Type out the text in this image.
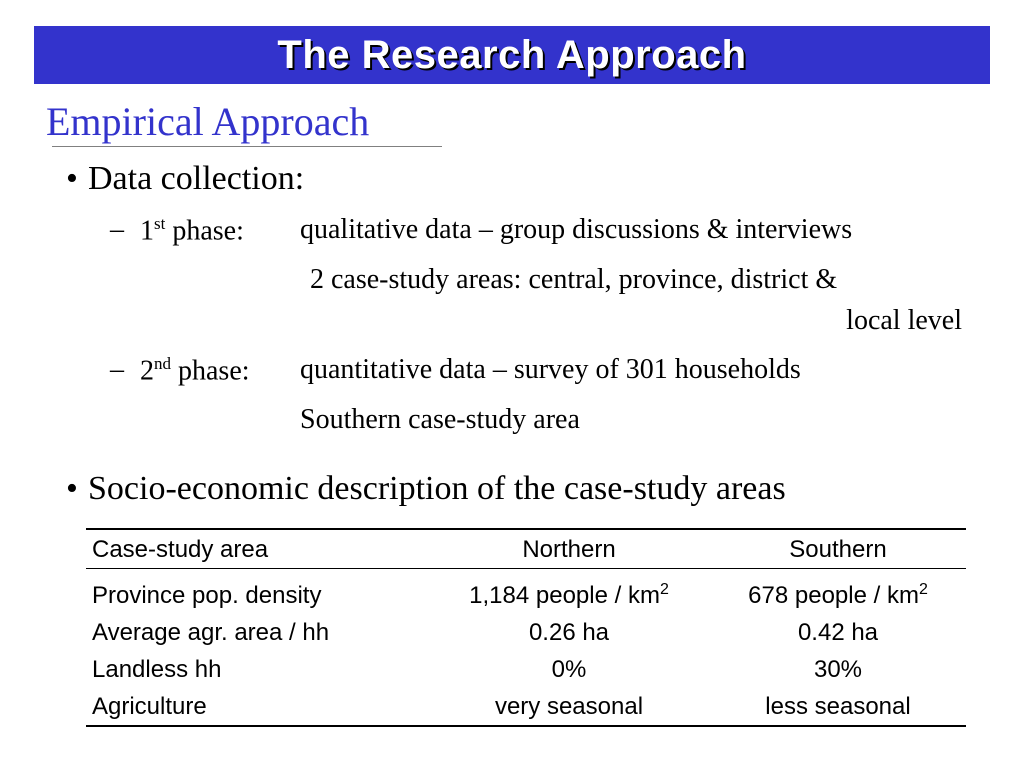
The Research Approach
Empirical Approach
• Data collection:
– 1st phase: qualitative data – group discussions & interviews
2 case-study areas: central, province, district &
local level
– 2nd phase: quantitative data – survey of 301 households
Southern case-study area
• Socio-economic description of the case-study areas
Case-study area	Northern	Southern
Province pop. density	1,184 people / $km^2$	678 people / $km^2$
Average agr. area / hh	0.26 ha	0.42 ha
Landless hh	0%	30%
Agriculture	very seasonal	less seasonal
